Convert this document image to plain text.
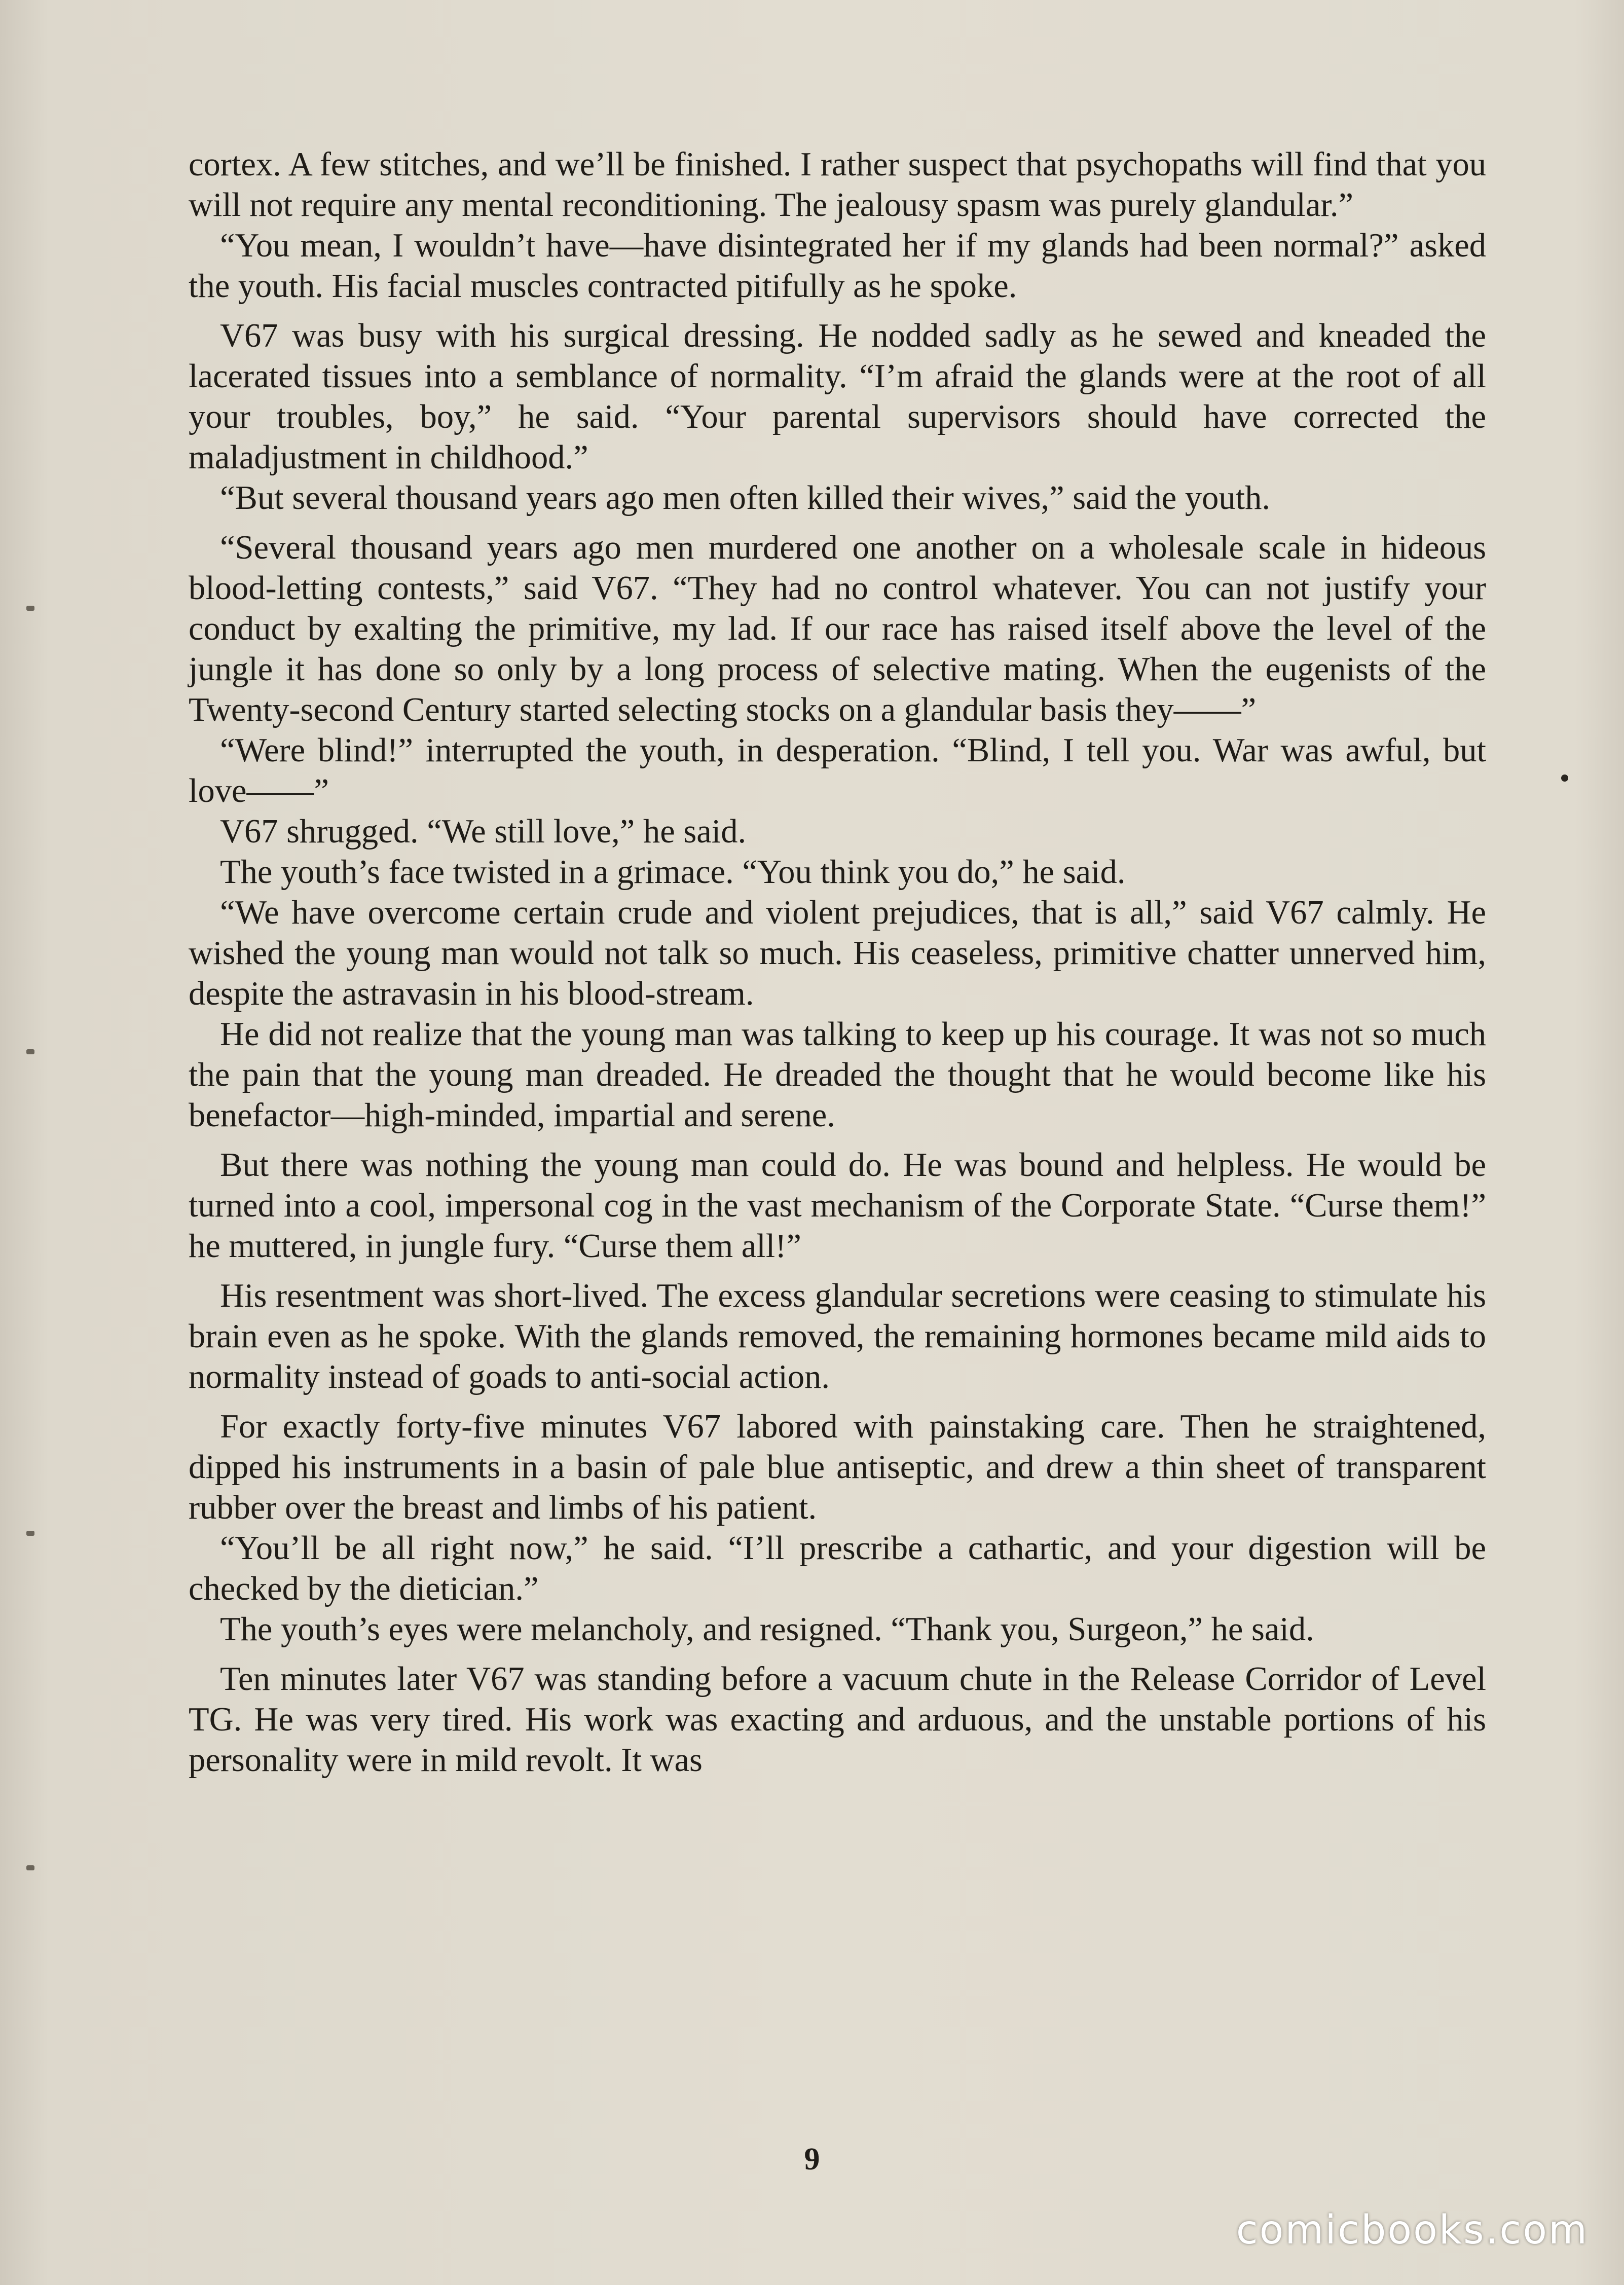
cortex. A few stitches, and we’ll be finished. I rather suspect that psychopaths will find that you will not require any mental reconditioning. The jealousy spasm was purely glandular.”

“You mean, I wouldn’t have—have disintegrated her if my glands had been normal?” asked the youth. His facial muscles contracted pitifully as he spoke.

V67 was busy with his surgical dressing. He nodded sadly as he sewed and kneaded the lacerated tissues into a semblance of normality. “I’m afraid the glands were at the root of all your troubles, boy,” he said. “Your parental supervisors should have corrected the maladjustment in childhood.”

“But several thousand years ago men often killed their wives,” said the youth.

“Several thousand years ago men murdered one another on a wholesale scale in hideous blood-letting contests,” said V67. “They had no control whatever. You can not justify your conduct by exalting the primitive, my lad. If our race has raised itself above the level of the jungle it has done so only by a long process of selective mating. When the eugenists of the Twenty-second Century started selecting stocks on a glandular basis they——”

“Were blind!” interrupted the youth, in desperation. “Blind, I tell you. War was awful, but love——”

V67 shrugged. “We still love,” he said.

The youth’s face twisted in a grimace. “You think you do,” he said.

“We have overcome certain crude and violent prejudices, that is all,” said V67 calmly. He wished the young man would not talk so much. His ceaseless, primitive chatter unnerved him, despite the astravasin in his blood-stream.

He did not realize that the young man was talking to keep up his courage. It was not so much the pain that the young man dreaded. He dreaded the thought that he would become like his benefactor—high-minded, impartial and serene.

But there was nothing the young man could do. He was bound and helpless. He would be turned into a cool, impersonal cog in the vast mechanism of the Corporate State. “Curse them!” he muttered, in jungle fury. “Curse them all!”

His resentment was short-lived. The excess glandular secretions were ceasing to stimulate his brain even as he spoke. With the glands removed, the remaining hormones became mild aids to normality instead of goads to anti-social action.

For exactly forty-five minutes V67 labored with painstaking care. Then he straightened, dipped his instruments in a basin of pale blue antiseptic, and drew a thin sheet of transparent rubber over the breast and limbs of his patient.

“You’ll be all right now,” he said. “I’ll prescribe a cathartic, and your digestion will be checked by the dietician.”

The youth’s eyes were melancholy, and resigned. “Thank you, Surgeon,” he said.

Ten minutes later V67 was standing before a vacuum chute in the Release Corridor of Level TG. He was very tired. His work was exacting and arduous, and the unstable portions of his personality were in mild revolt. It was

9
comicbooks.com
